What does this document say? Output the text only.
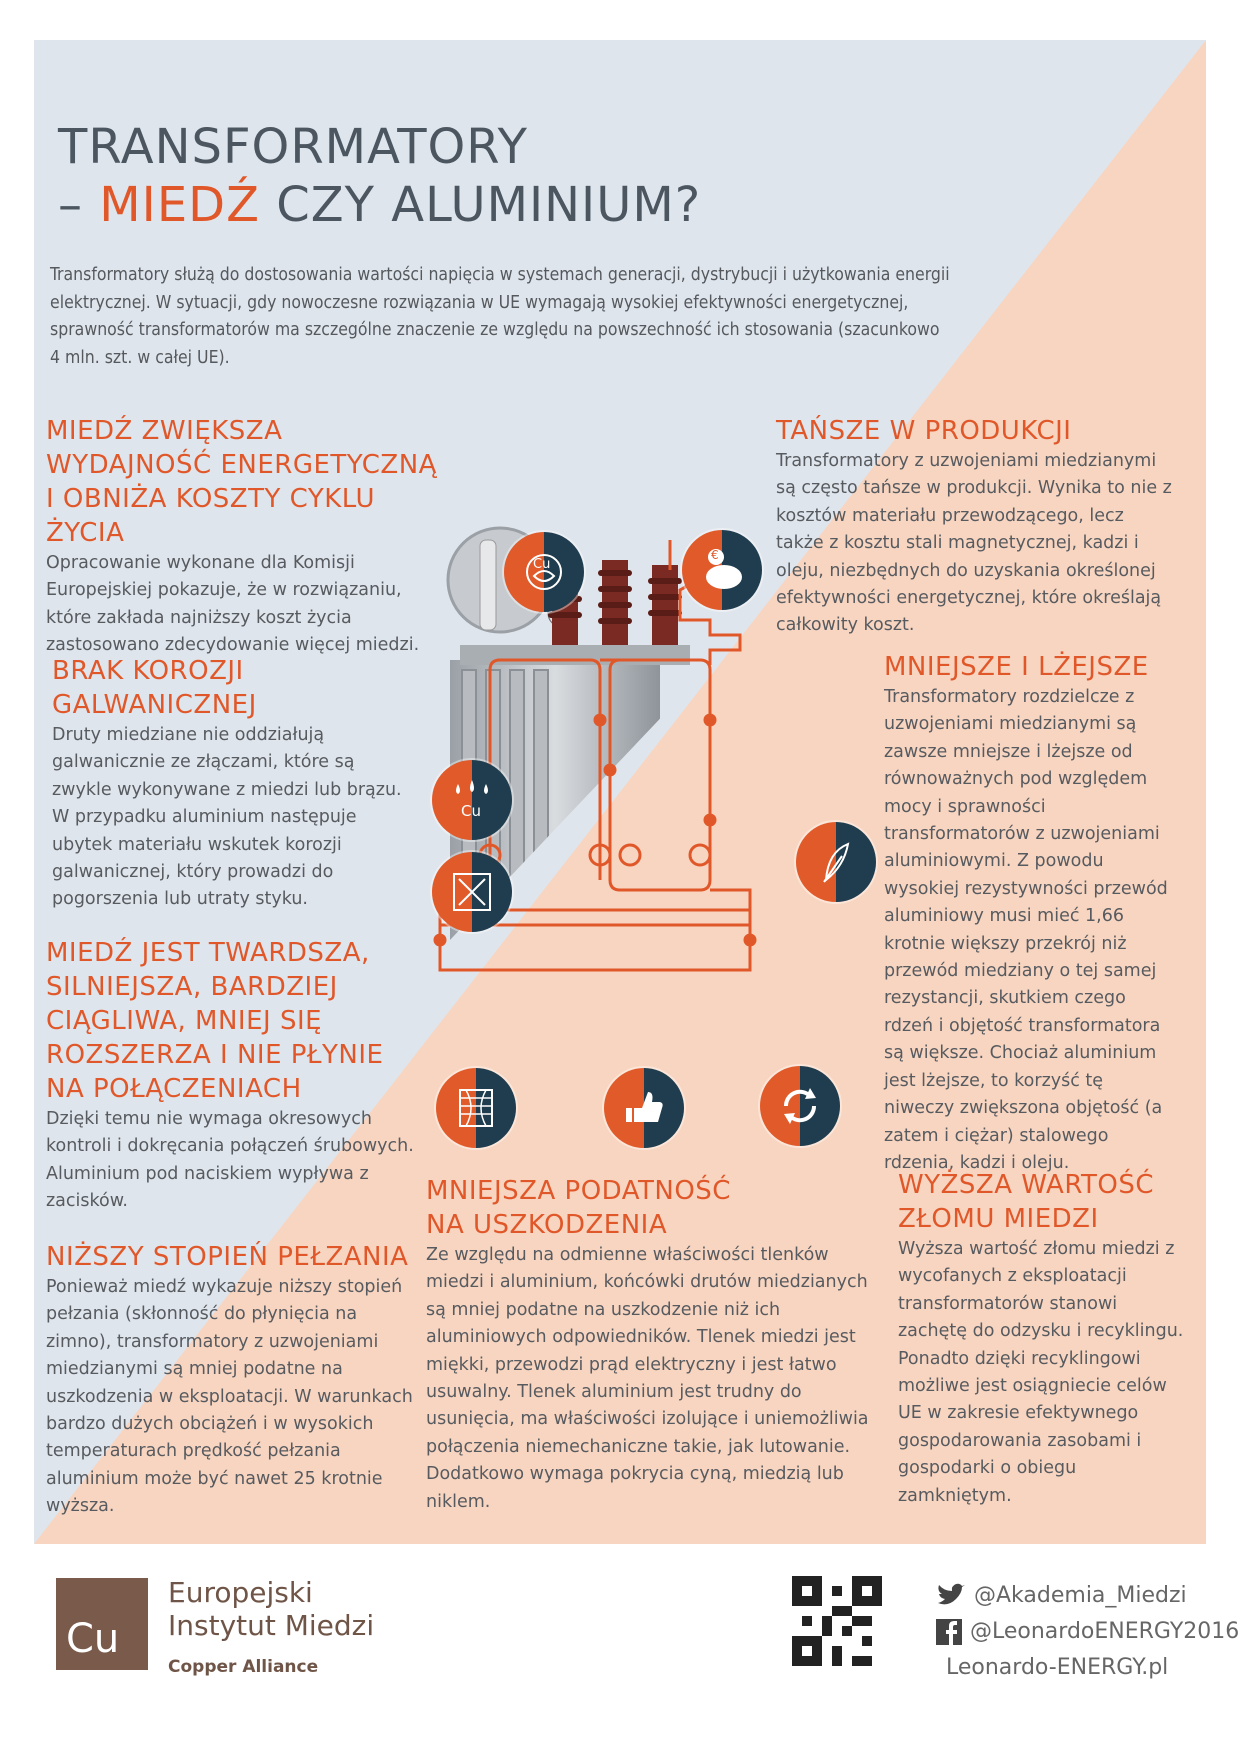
TRANSFORMATORY
– MIEDŹ CZY ALUMINIUM?
Transformatory służą do dostosowania wartości napięcia w systemach generacji, dystrybucji i użytkowania energii elektrycznej. W sytuacji, gdy nowoczesne rozwiązania w UE wymagają wysokiej efektywności energetycznej, sprawność transformatorów ma szczególne znaczenie ze względu na powszechność ich stosowania (szacunkowo 4 mln. szt. w całej UE).
Cu
€
Cu
MIEDŹ ZWIĘKSZA WYDAJNOŚĆ ENERGETYCZNĄ I OBNIŻA KOSZTY CYKLU ŻYCIA

Opracowanie wykonane dla Komisji Europejskiej pokazuje, że w rozwiązaniu, które zakłada najniższy koszt życia zastosowano zdecydowanie więcej miedzi.

BRAK KOROZJI GALWANICZNEJ

Druty miedziane nie oddziałują galwanicznie ze złączami, które są zwykle wykonywane z miedzi lub brązu. W przypadku aluminium następuje ubytek materiału wskutek korozji galwanicznej, który prowadzi do pogorszenia lub utraty styku.

MIEDŹ JEST TWARDSZA, SILNIEJSZA, BARDZIEJ CIĄGLIWA, MNIEJ SIĘ ROZSZERZA I NIE PŁYNIE NA POŁĄCZENIACH

Dzięki temu nie wymaga okresowych kontroli i dokręcania połączeń śrubowych. Aluminium pod naciskiem wypływa z zacisków.

NIŻSZY STOPIEŃ PEŁZANIA

Ponieważ miedź wykazuje niższy stopień pełzania (skłonność do płynięcia na zimno), transformatory z uzwojeniami miedzianymi są mniej podatne na uszkodzenia w eksploatacji. W warunkach bardzo dużych obciążeń i w wysokich temperaturach prędkość pełzania aluminium może być nawet 25 krotnie wyższa.

TAŃSZE W PRODUKCJI

Transformatory z uzwojeniami miedzianymi są często tańsze w produkcji. Wynika to nie z kosztów materiału przewodzącego, lecz także z kosztu stali magnetycznej, kadzi i oleju, niezbędnych do uzyskania określonej efektywności energetycznej, które określają całkowity koszt.

MNIEJSZE I LŻEJSZE

Transformatory rozdzielcze z uzwojeniami miedzianymi są zawsze mniejsze i lżejsze od równoważnych pod względem mocy i sprawności transformatorów z uzwojeniami aluminiowymi. Z powodu wysokiej rezystywności przewód aluminiowy musi mieć 1,66 krotnie większy przekrój niż przewód miedziany o tej samej rezystancji, skutkiem czego rdzeń i objętość transformatora są większe. Chociaż aluminium jest lżejsze, to korzyść tę niweczy zwiększona objętość (a zatem i ciężar) stalowego rdzenia, kadzi i oleju.

MNIEJSZA PODATNOŚĆ NA USZKODZENIA

Ze względu na odmienne właściwości tlenków miedzi i aluminium, końcówki drutów miedzianych są mniej podatne na uszkodzenie niż ich aluminiowych odpowiedników. Tlenek miedzi jest miękki, przewodzi prąd elektryczny i jest łatwo usuwalny. Tlenek aluminium jest trudny do usunięcia, ma właściwości izolujące i uniemożliwia połączenia niemechaniczne takie, jak lutowanie. Dodatkowo wymaga pokrycia cyną, miedzią lub niklem.

WYŻSZA WARTOŚĆ ZŁOMU MIEDZI

Wyższa wartość złomu miedzi z wycofanych z eksploatacji transformatorów stanowi zachętę do odzysku i recyklingu. Ponadto dzięki recyklingowi możliwe jest osiągniecie celów UE w zakresie efektywnego gospodarowania zasobami i gospodarki o obiegu zamkniętym.

Cu
Europejski
Instytut Miedzi
Copper Alliance
@Akademia_Miedzi
@LeonardoENERGY2016
Leonardo-ENERGY.pl
